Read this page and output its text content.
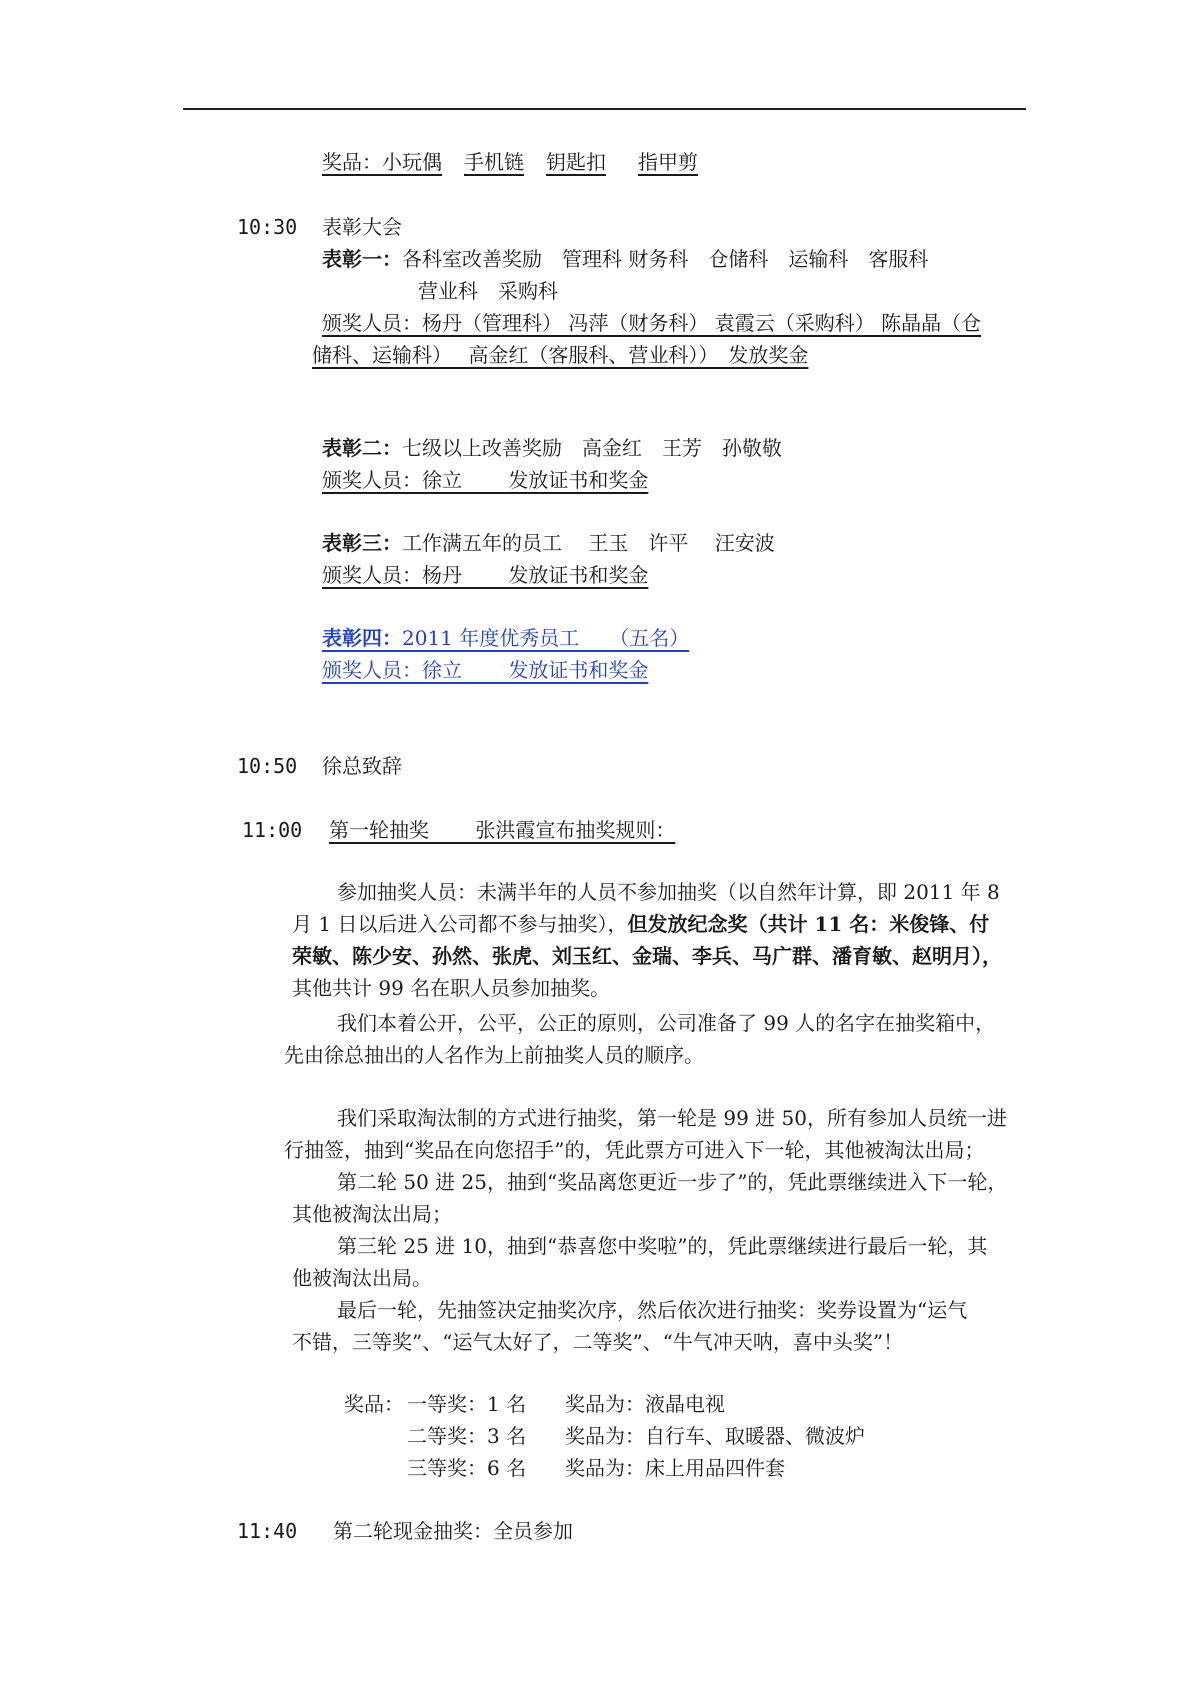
奖品：小玩偶 手机链 钥匙扣 指甲剪
10:30 表彰大会
表彰一：各科室改善奖励　管理科 财务科　仓储科　运输科　客服科
营业科　采购科
颁奖人员：杨丹（管理科） 冯萍（财务科） 袁霞云（采购科） 陈晶晶（仓
储科、运输科）　 高金红（客服科、营业科））　发放奖金
表彰二：七级以上改善奖励　高金红　王芳　孙敬敬
颁奖人员：徐立　　 发放证书和奖金
表彰三：工作满五年的员工　 王玉　许平　 汪安波
颁奖人员：杨丹　　 发放证书和奖金
表彰四：2011 年度优秀员工　　（五名）
颁奖人员：徐立　　 发放证书和奖金
10:50 徐总致辞
11:00 第一轮抽奖　　 张洪霞宣布抽奖规则：
参加抽奖人员：未满半年的人员不参加抽奖（以自然年计算，即 2011 年 8
月 1 日以后进入公司都不参与抽奖），但发放纪念奖（共计 11 名：米俊锋、付
荣敏、陈少安、孙然、张虎、刘玉红、金瑞、李兵、马广群、潘育敏、赵明月），
其他共计 99 名在职人员参加抽奖。
我们本着公开，公平，公正的原则，公司准备了 99 人的名字在抽奖箱中，
先由徐总抽出的人名作为上前抽奖人员的顺序。
我们采取淘汰制的方式进行抽奖，第一轮是 99 进 50，所有参加人员统一进
行抽签，抽到“奖品在向您招手”的，凭此票方可进入下一轮，其他被淘汰出局；
第二轮 50 进 25，抽到“奖品离您更近一步了”的，凭此票继续进入下一轮，
其他被淘汰出局；
第三轮 25 进 10，抽到“恭喜您中奖啦”的，凭此票继续进行最后一轮，其
他被淘汰出局。
最后一轮，先抽签决定抽奖次序，然后依次进行抽奖：奖券设置为“运气
不错，三等奖”、“运气太好了，二等奖”、“牛气冲天呐，喜中头奖”！
奖品： 一等奖：1 名 奖品为：液晶电视
二等奖：3 名 奖品为：自行车、取暖器、微波炉
三等奖：6 名 奖品为：床上用品四件套
11:40 第二轮现金抽奖：全员参加
